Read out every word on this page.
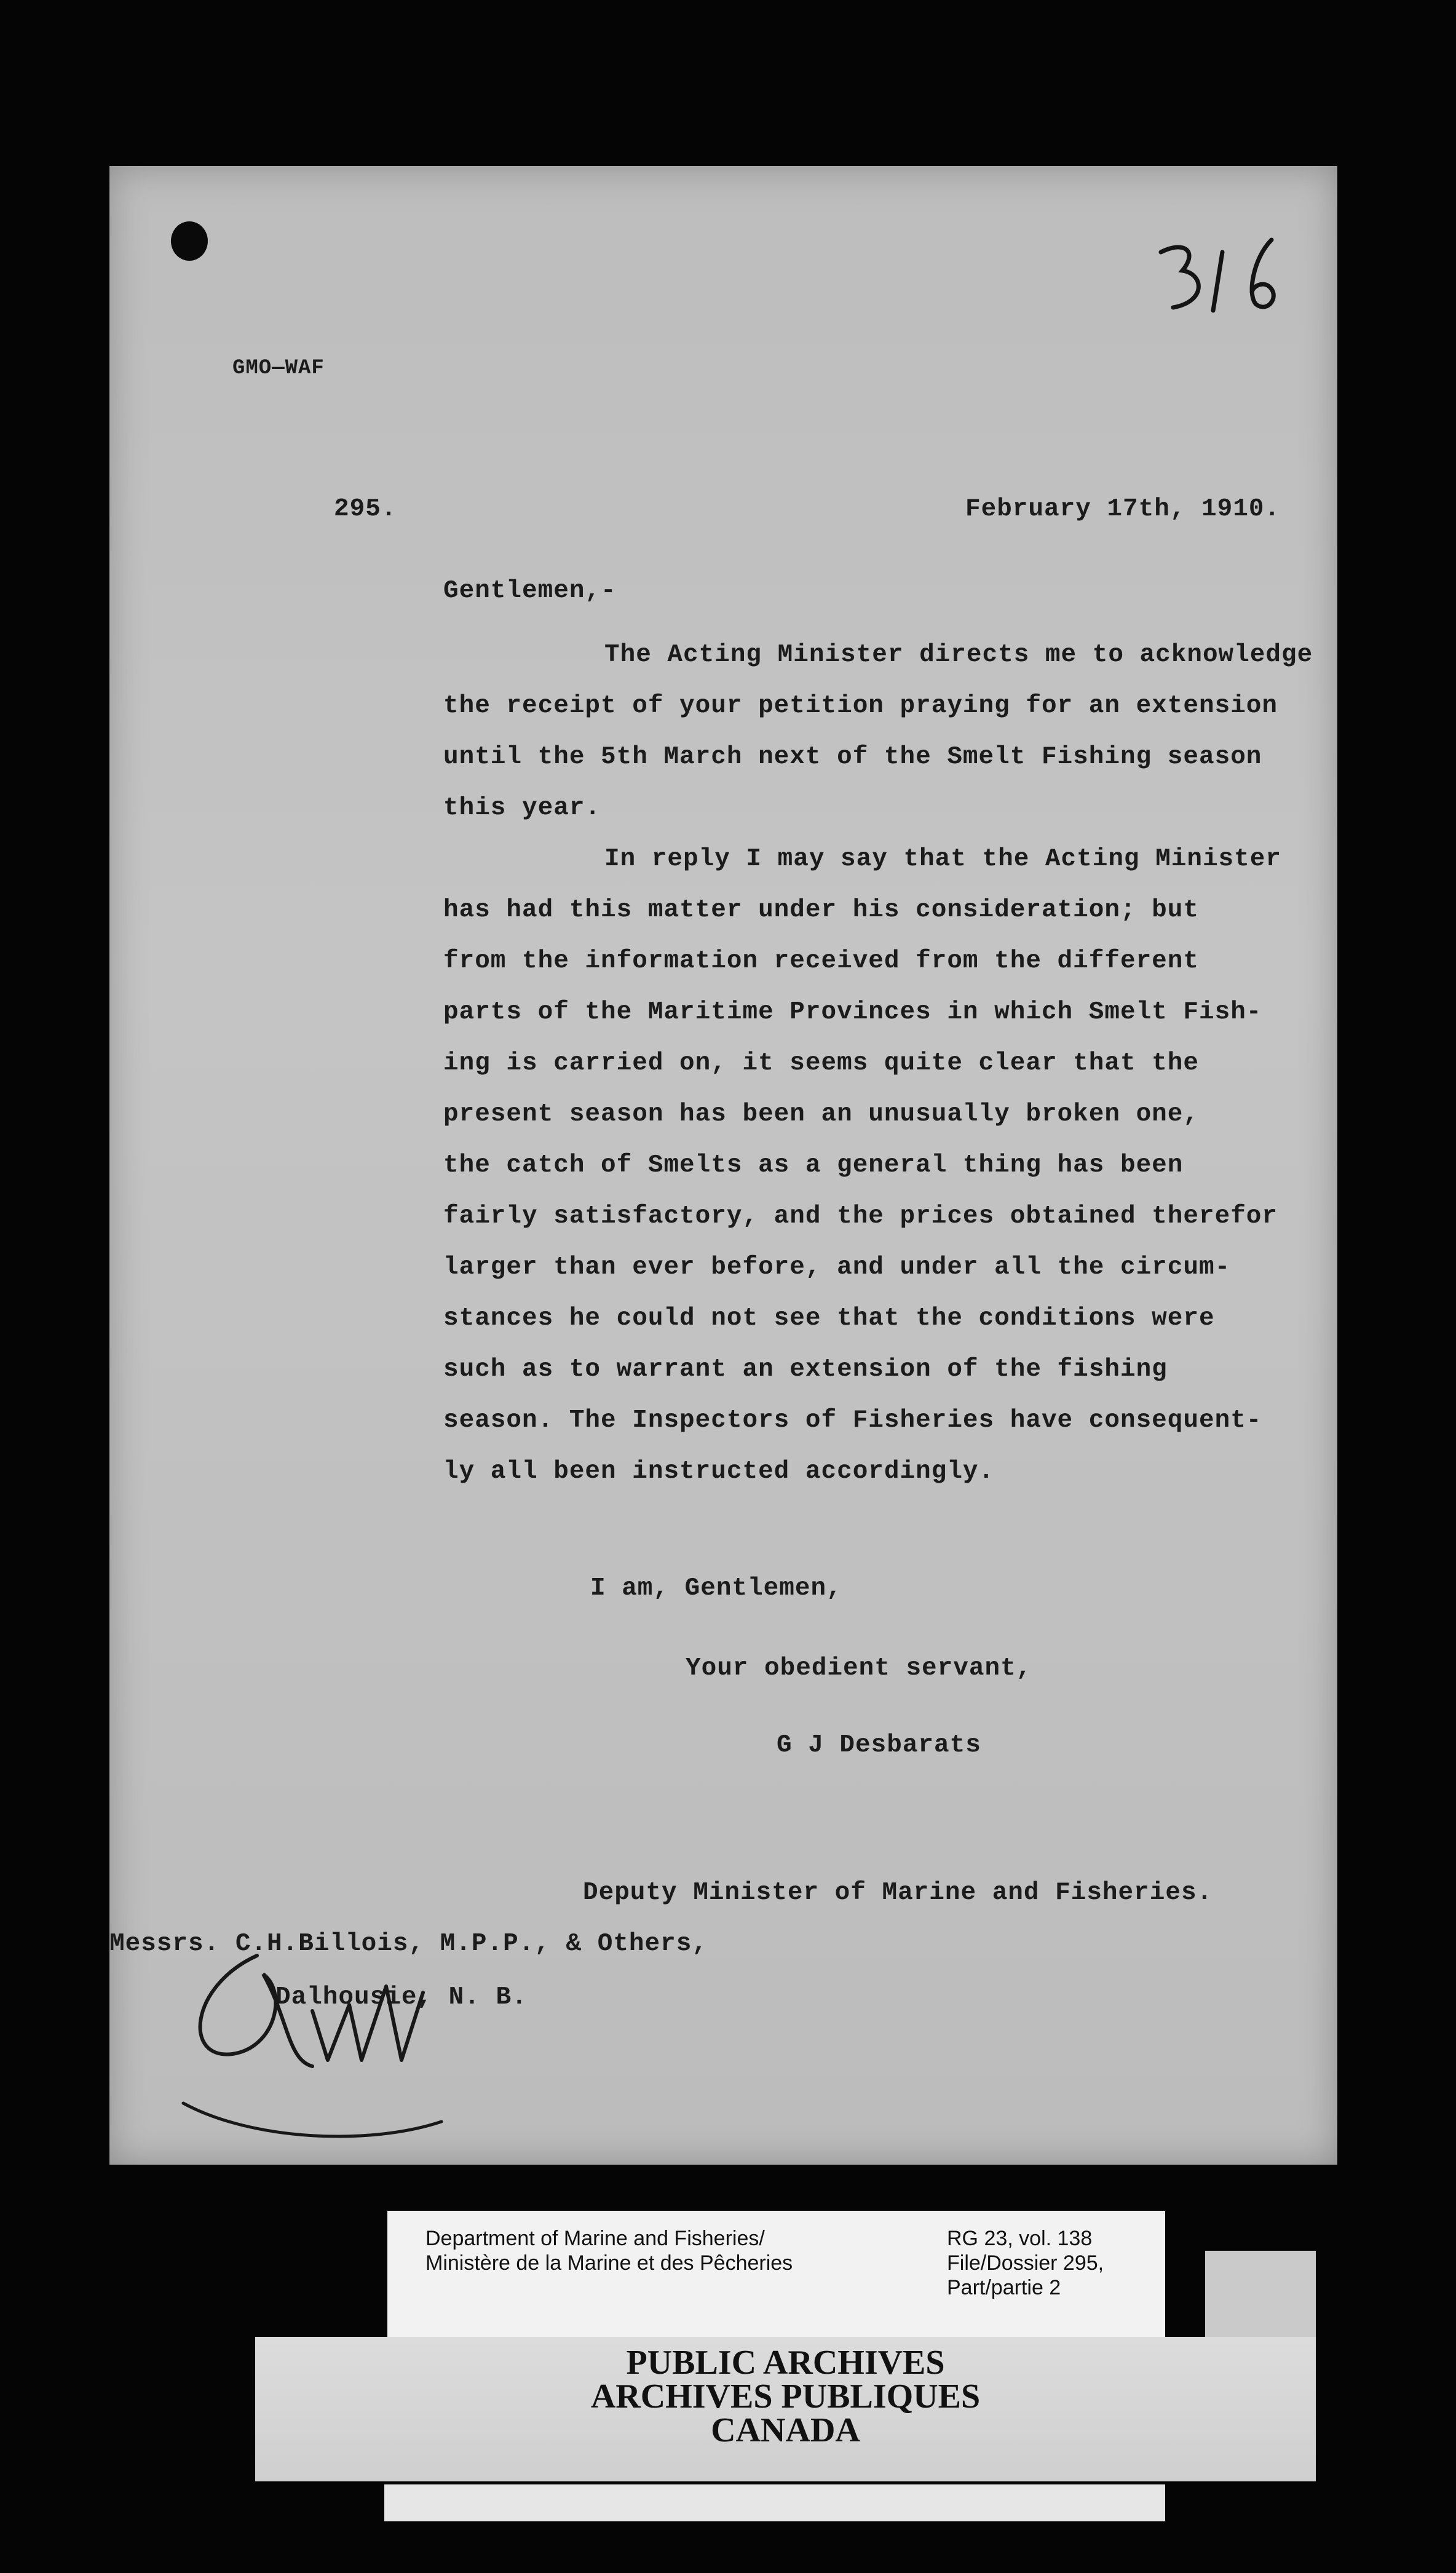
GMO—WAF
295.	February 17th, 1910.
Gentlemen,-
The Acting Minister directs me to acknowledge
the receipt of your petition praying for an extension
until the 5th March next of the Smelt Fishing season
this year.
In reply I may say that the Acting Minister
has had this matter under his consideration; but
from the information received from the different
parts of the Maritime Provinces in which Smelt Fish-
ing is carried on, it seems quite clear that the
present season has been an unusually broken one,
the catch of Smelts as a general thing has been
fairly satisfactory, and the prices obtained therefor
larger than ever before, and under all the circum-
stances he could not see that the conditions were
such as to warrant an extension of the fishing
season. The Inspectors of Fisheries have consequent-
ly all been instructed accordingly.
I am, Gentlemen,
Your obedient servant,
G J Desbarats
Deputy Minister of Marine and Fisheries.
Messrs. C.H.Billois, M.P.P., & Others,
Dalhousie, N. B.
Department of Marine and Fisheries/
Ministère de la Marine et des Pêcheries
RG 23, vol. 138
File/Dossier 295,
Part/partie 2
PUBLIC ARCHIVES
ARCHIVES PUBLIQUES
CANADA
